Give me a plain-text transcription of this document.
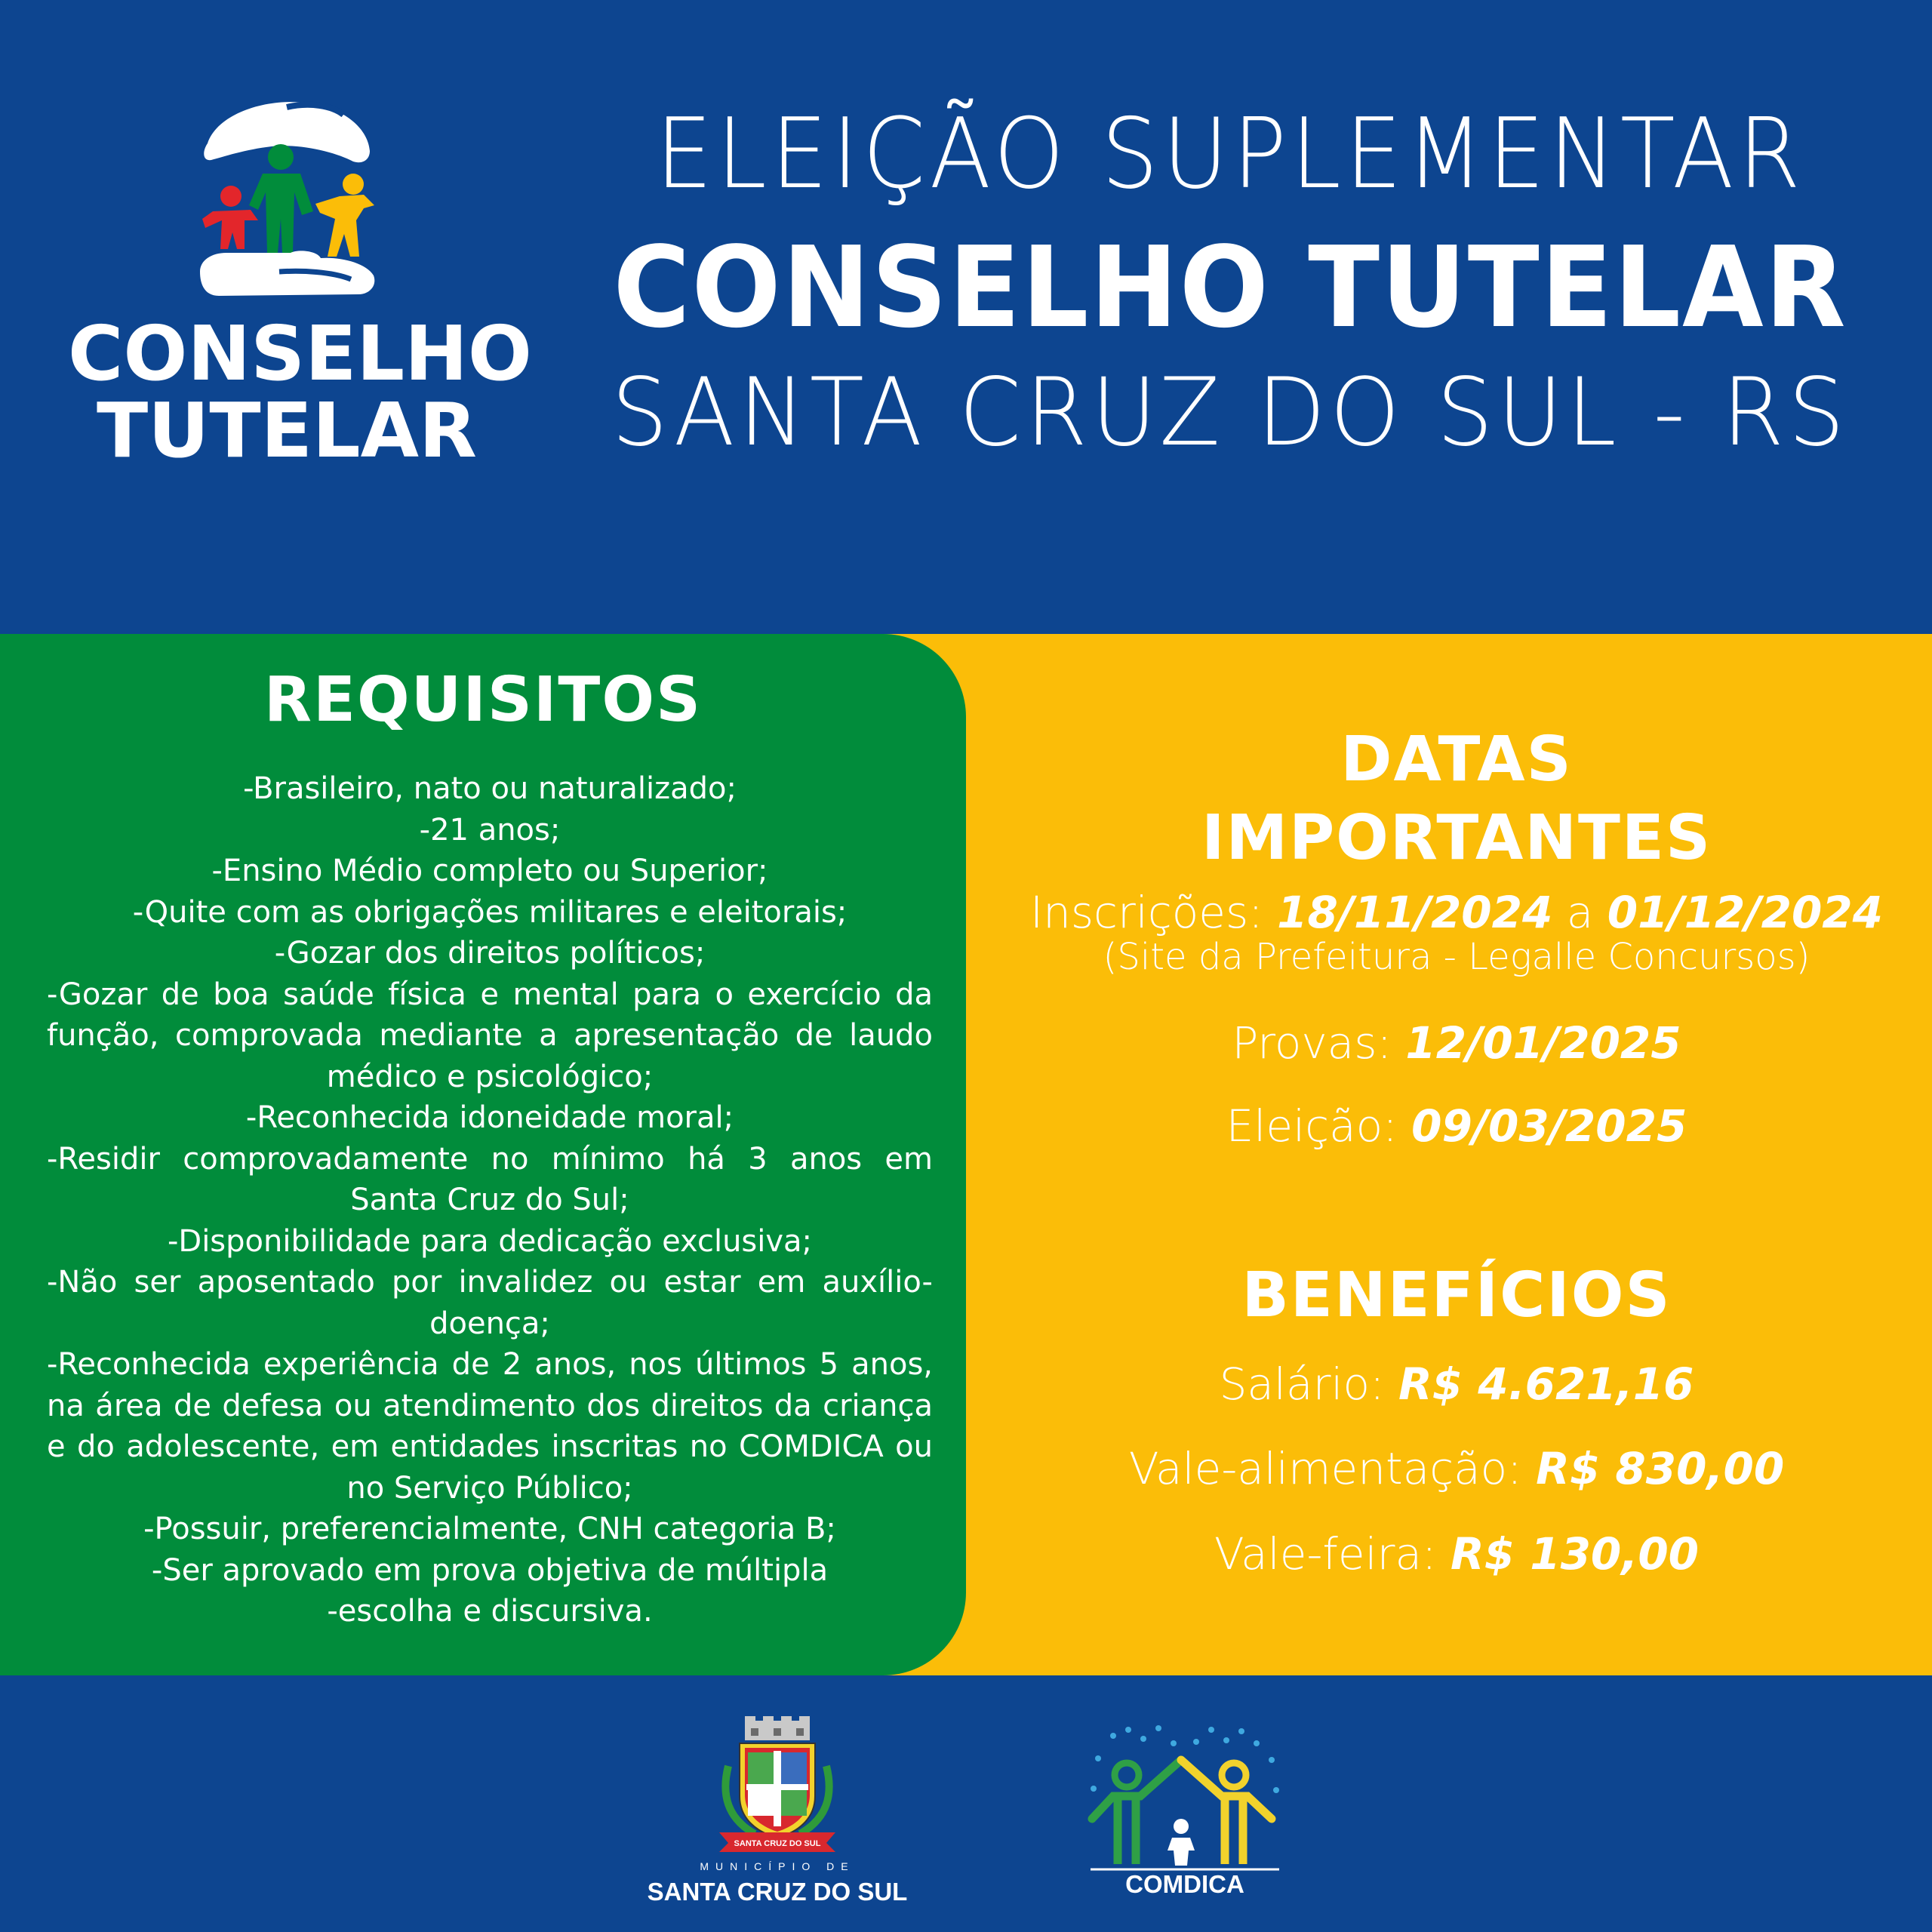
CONSELHO
TUTELAR
ELEIÇÃO SUPLEMENTAR
CONSELHO TUTELAR
SANTA CRUZ DO SUL - RS
REQUISITOS
-Brasileiro, nato ou naturalizado;
-21 anos;
-Ensino Médio completo ou Superior;
-Quite com as obrigações militares e eleitorais;
-Gozar dos direitos políticos;
-Gozar de boa saúde física e mental para o exercício da função, comprovada mediante a apresentação de laudo médico e psicológico;
-Reconhecida idoneidade moral;
-Residir comprovadamente no mínimo há 3 anos em Santa Cruz do Sul;
-Disponibilidade para dedicação exclusiva;
-Não ser aposentado por invalidez ou estar em auxílio-doença;
-Reconhecida experiência de 2 anos, nos últimos 5 anos, na área de defesa ou atendimento dos direitos da criança e do adolescente, em entidades inscritas no COMDICA ou no Serviço Público;
-Possuir, preferencialmente, CNH categoria B;
-Ser aprovado em prova objetiva de múltipla
-escolha e discursiva.
DATAS
IMPORTANTES
Inscrições: 18/11/2024 a 01/12/2024
(Site da Prefeitura - Legalle Concursos)
Provas: 12/01/2025
Eleição: 09/03/2025
BENEFÍCIOS
Salário: R$ 4.621,16
Vale-alimentação: R$ 830,00
Vale-feira: R$ 130,00
SANTA CRUZ DO SUL
MUNICÍPIO DE
SANTA CRUZ DO SUL	COMDICA
